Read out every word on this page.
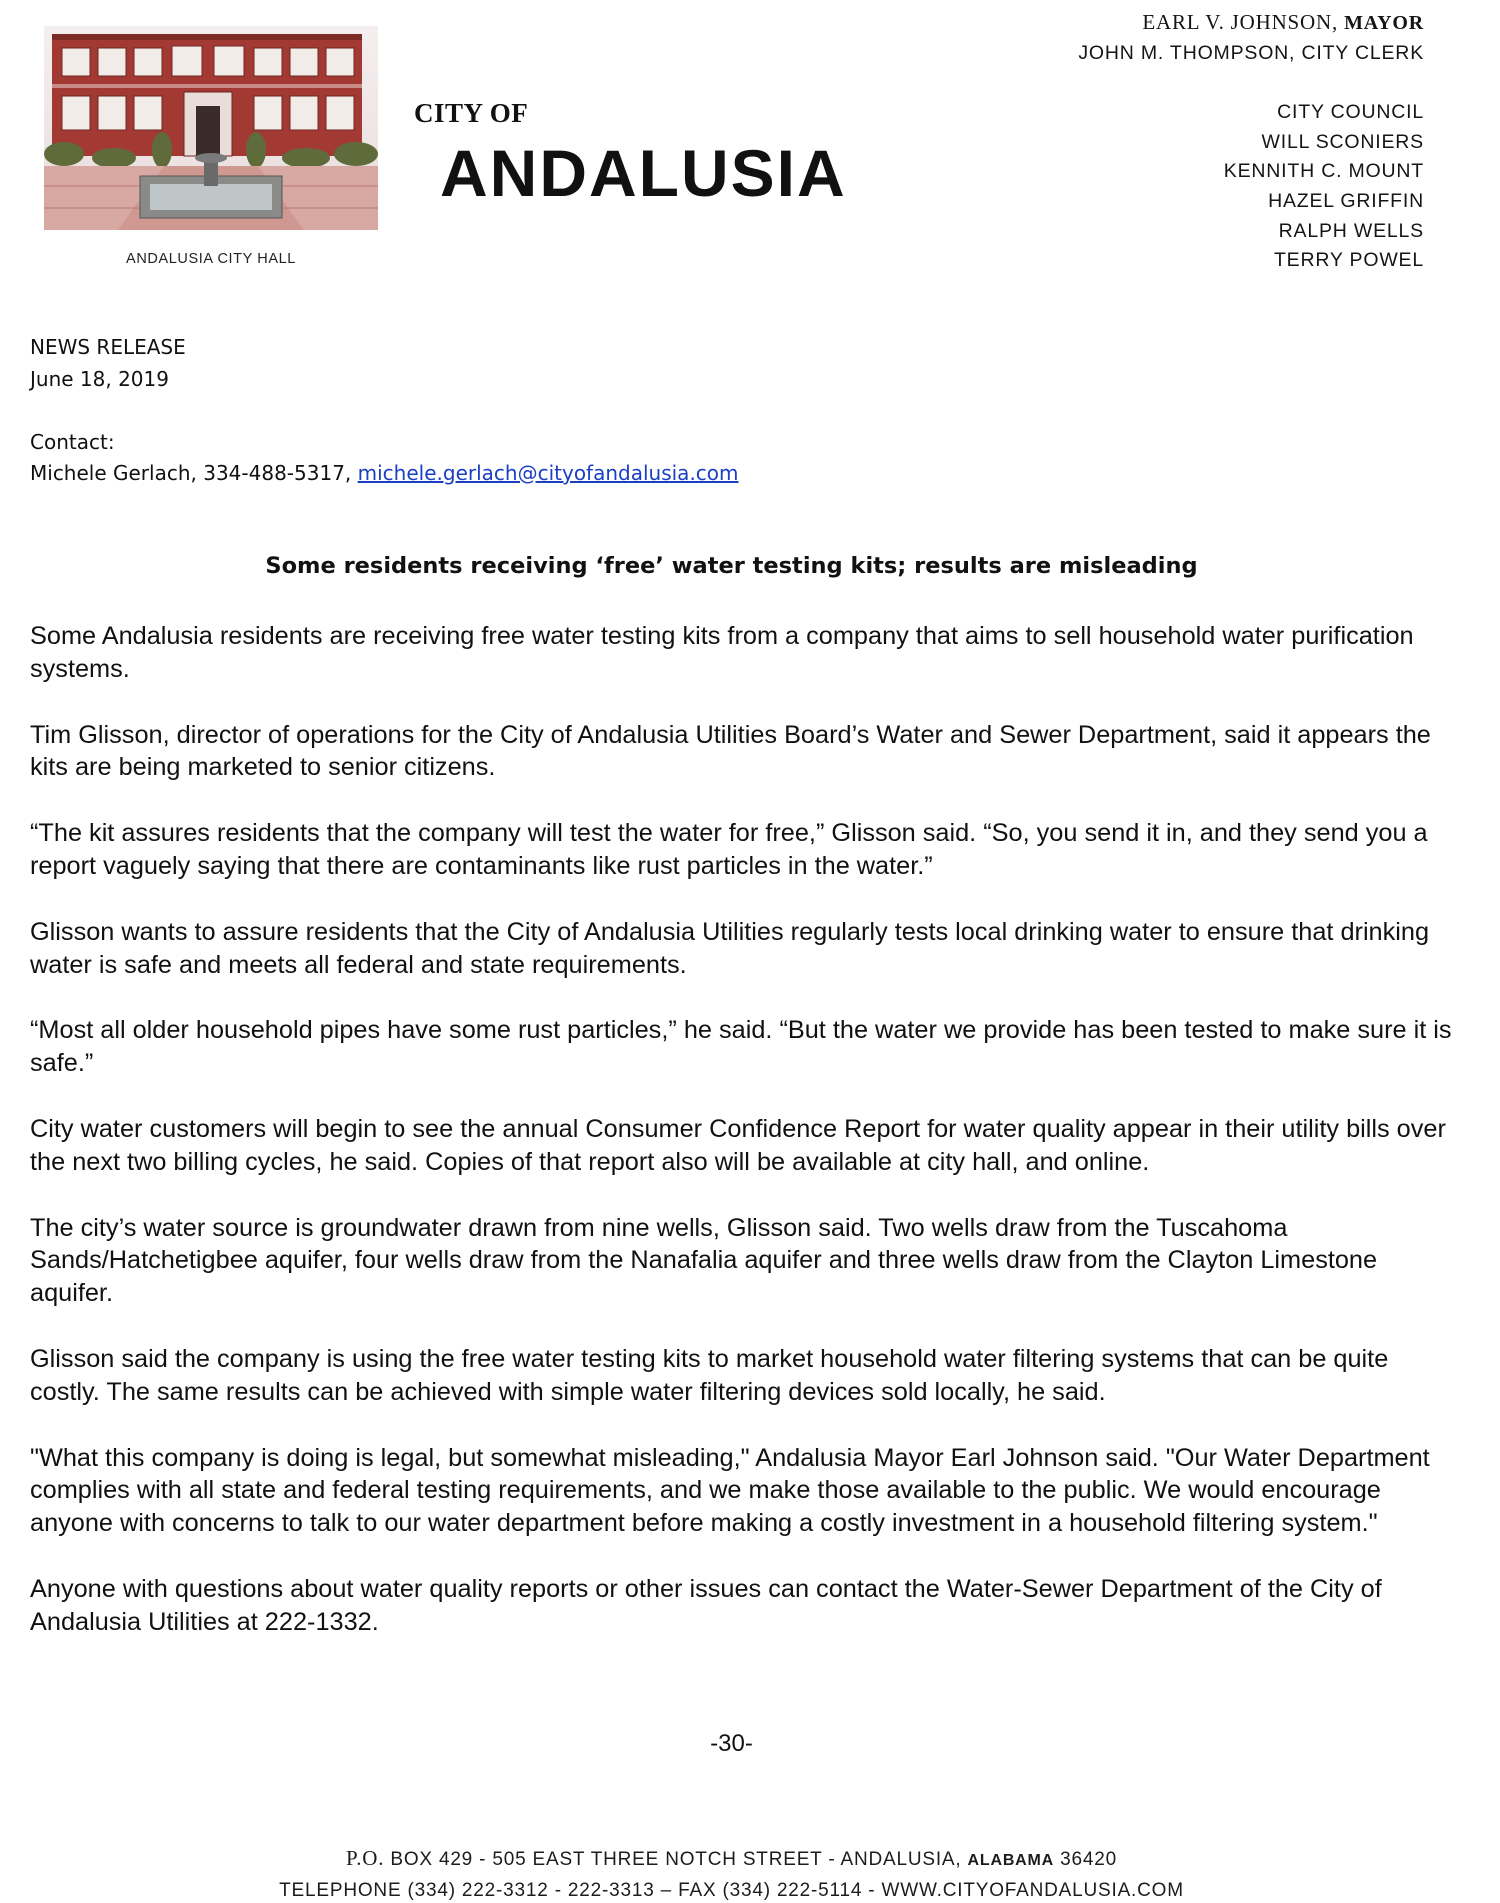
ANDALUSIA CITY HALL
CITY OF
ANDALUSIA
EARL V. JOHNSON, MAYOR
JOHN M. THOMPSON, CITY CLERK
CITY COUNCIL
WILL SCONIERS
KENNITH C. MOUNT
HAZEL GRIFFIN
RALPH WELLS
TERRY POWEL
NEWS RELEASE
June 18, 2019
Contact:
Michele Gerlach, 334-488-5317, michele.gerlach@cityofandalusia.com
Some residents receiving ‘free’ water testing kits; results are misleading

Some Andalusia residents are receiving free water testing kits from a company that aims to sell household water purification systems.

Tim Glisson, director of operations for the City of Andalusia Utilities Board’s Water and Sewer Department, said it appears the kits are being marketed to senior citizens.

“The kit assures residents that the company will test the water for free,” Glisson said. “So, you send it in, and they send you a report vaguely saying that there are contaminants like rust particles in the water.”

Glisson wants to assure residents that the City of Andalusia Utilities regularly tests local drinking water to ensure that drinking water is safe and meets all federal and state requirements.

“Most all older household pipes have some rust particles,” he said. “But the water we provide has been tested to make sure it is safe.”

City water customers will begin to see the annual Consumer Confidence Report for water quality appear in their utility bills over the next two billing cycles, he said. Copies of that report also will be available at city hall, and online.

The city’s water source is groundwater drawn from nine wells, Glisson said. Two wells draw from the Tuscahoma Sands/Hatchetigbee aquifer, four wells draw from the Nanafalia aquifer and three wells draw from the Clayton Limestone aquifer.

Glisson said the company is using the free water testing kits to market household water filtering systems that can be quite costly. The same results can be achieved with simple water filtering devices sold locally, he said.

"What this company is doing is legal, but somewhat misleading," Andalusia Mayor Earl Johnson said. "Our Water Department complies with all state and federal testing requirements, and we make those available to the public. We would encourage anyone with concerns to talk to our water department before making a costly investment in a household filtering system."

Anyone with questions about water quality reports or other issues can contact the Water-Sewer Department of the City of Andalusia Utilities at 222-1332.

-30-
P.O. BOX 429 - 505 EAST THREE NOTCH STREET - ANDALUSIA, ALABAMA 36420
TELEPHONE (334) 222-3312 - 222-3313 – FAX (334) 222-5114 - WWW.CITYOFANDALUSIA.COM
